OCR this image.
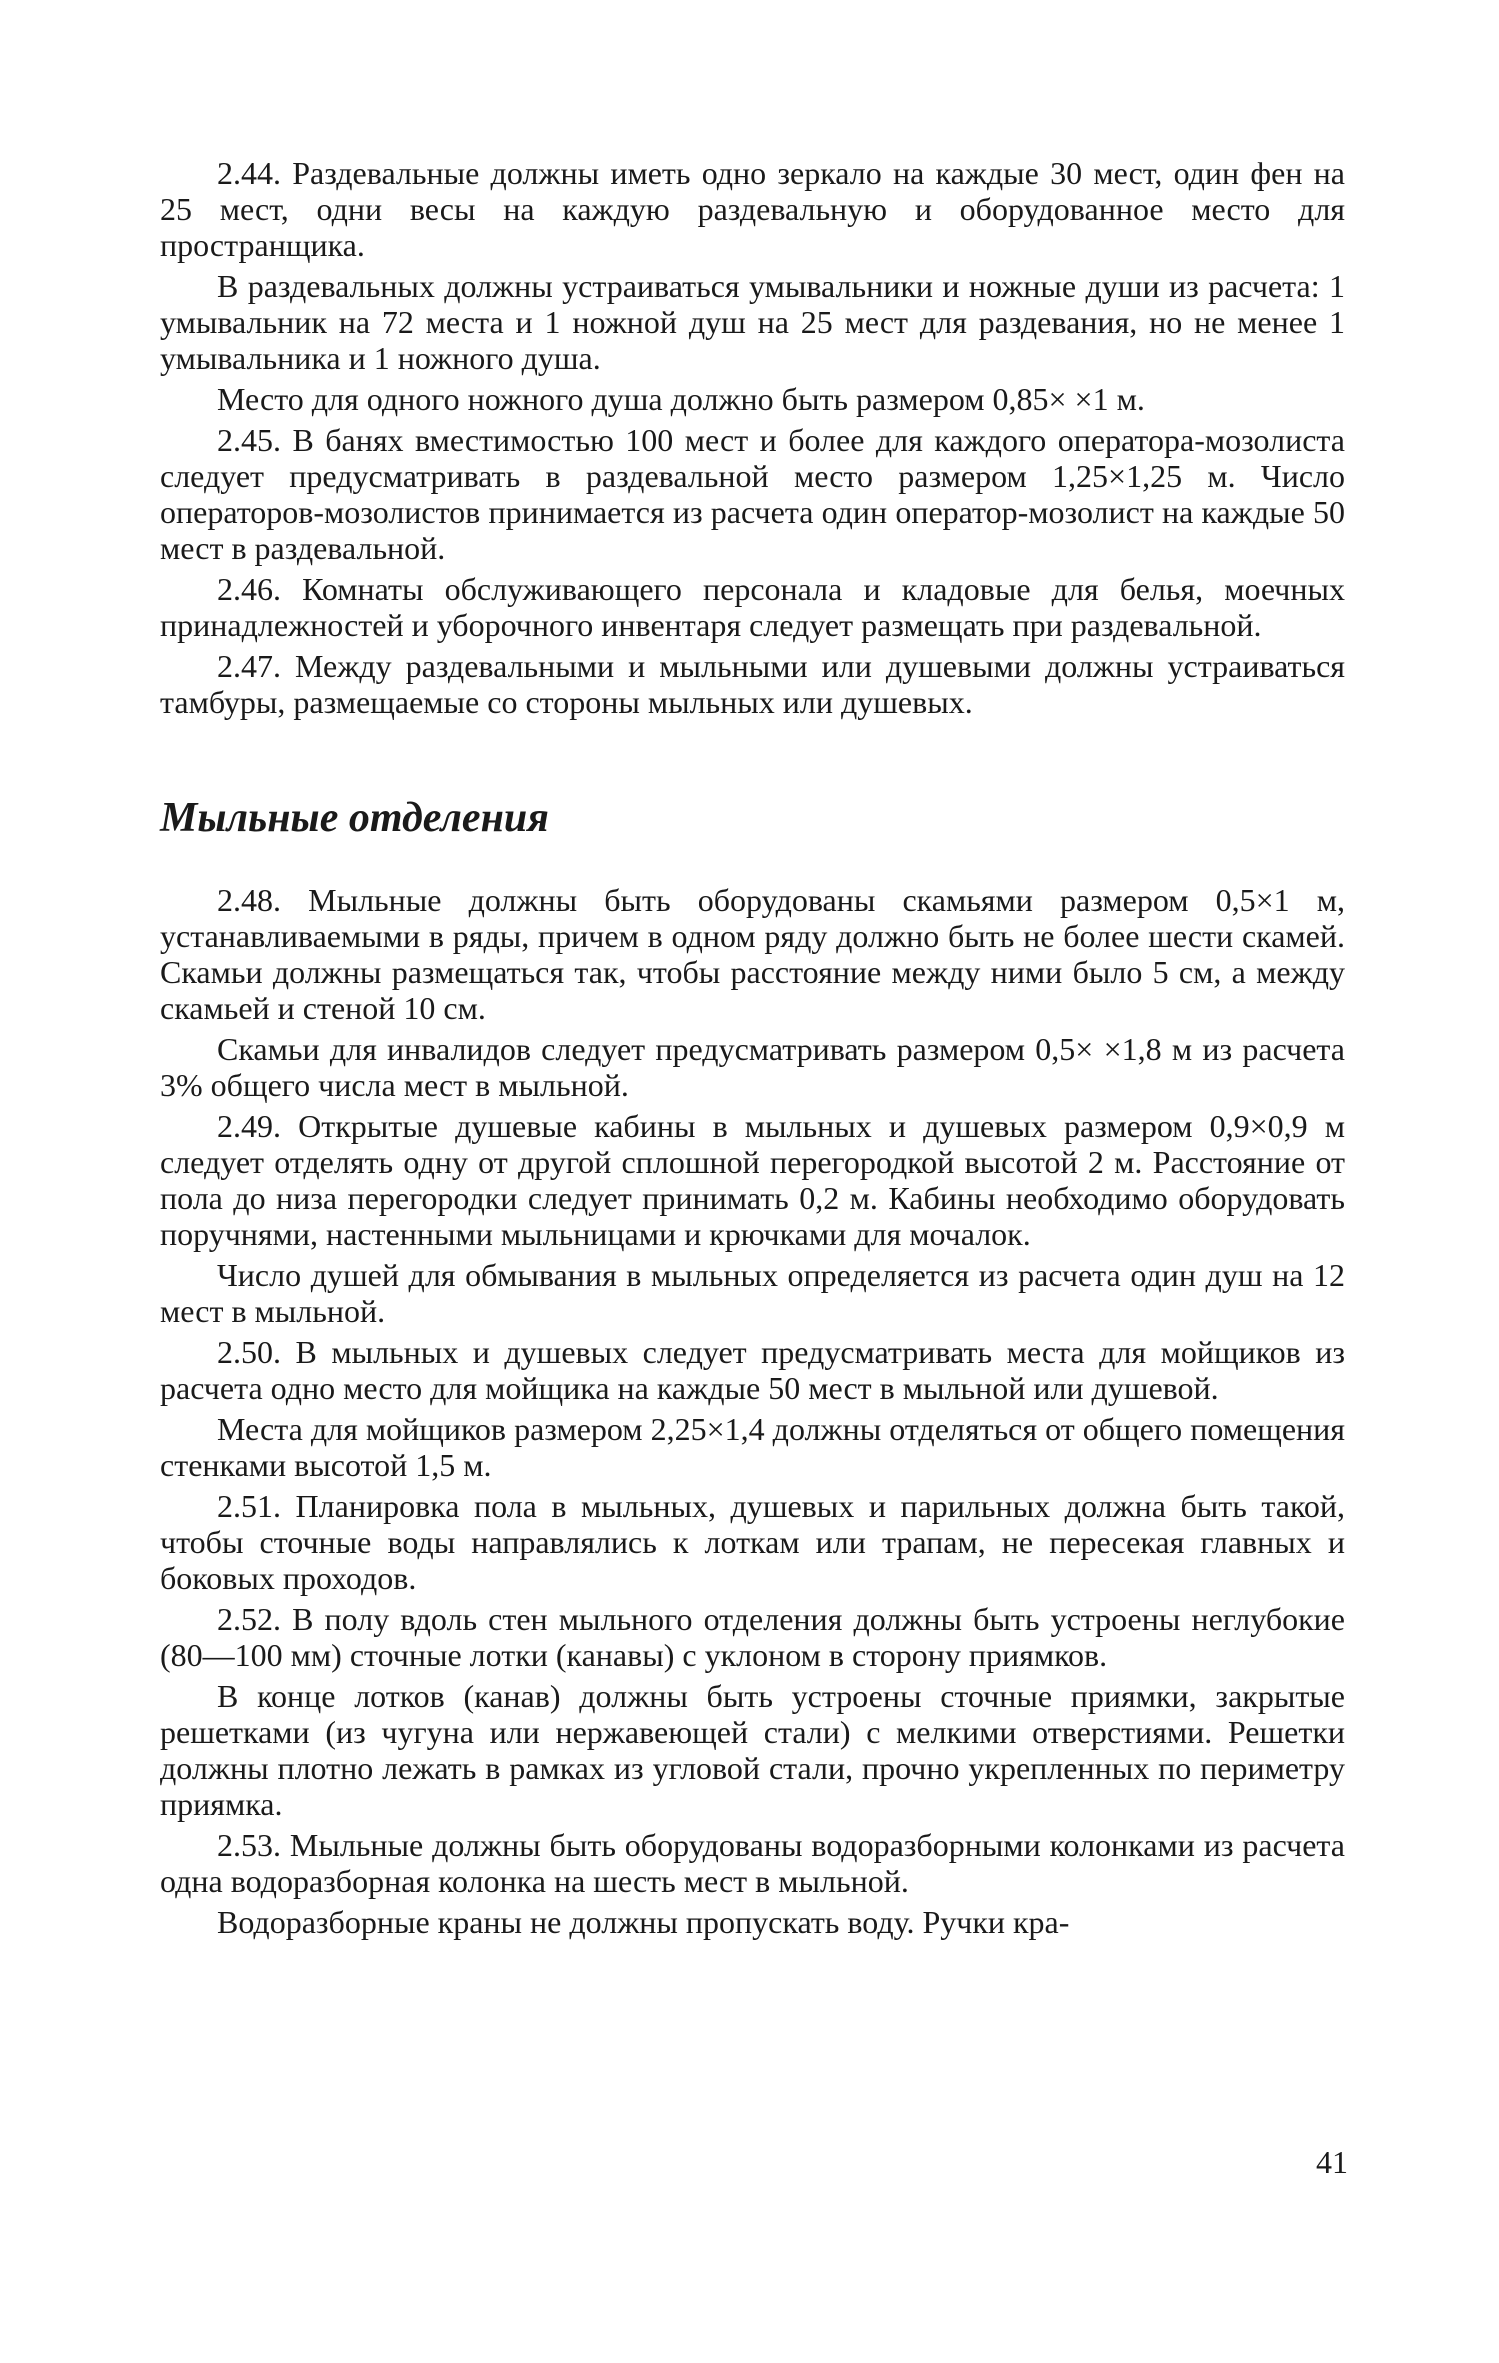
2.44. Раздевальные должны иметь одно зеркало на каждые 30 мест, один фен на 25 мест, одни весы на каждую раздевальную и оборудованное место для пространщика.

В раздевальных должны устраиваться умывальники и ножные души из расчета: 1 умывальник на 72 места и 1 ножной душ на 25 мест для раздевания, но не менее 1 умывальника и 1 ножного душа.

Место для одного ножного душа должно быть размером 0,85× ×1 м.

2.45. В банях вместимостью 100 мест и более для каждого оператора-мозолиста следует предусматривать в раздевальной место размером 1,25×1,25 м. Число операторов-мозолистов принимается из расчета один оператор-мозолист на каждые 50 мест в раздевальной.

2.46. Комнаты обслуживающего персонала и кладовые для белья, моечных принадлежностей и уборочного инвентаря следует размещать при раздевальной.

2.47. Между раздевальными и мыльными или душевыми должны устраиваться тамбуры, размещаемые со стороны мыльных или душевых.

Мыльные отделения

2.48. Мыльные должны быть оборудованы скамьями размером 0,5×1 м, устанавливаемыми в ряды, причем в одном ряду должно быть не более шести скамей. Скамьи должны размещаться так, чтобы расстояние между ними было 5 см, а между скамьей и стеной 10 см.

Скамьи для инвалидов следует предусматривать размером 0,5× ×1,8 м из расчета 3% общего числа мест в мыльной.

2.49. Открытые душевые кабины в мыльных и душевых размером 0,9×0,9 м следует отделять одну от другой сплошной перегородкой высотой 2 м. Расстояние от пола до низа перегородки следует принимать 0,2 м. Кабины необходимо оборудовать поручнями, настенными мыльницами и крючками для мочалок.

Число душей для обмывания в мыльных определяется из расчета один душ на 12 мест в мыльной.

2.50. В мыльных и душевых следует предусматривать места для мойщиков из расчета одно место для мойщика на каждые 50 мест в мыльной или душевой.

Места для мойщиков размером 2,25×1,4 должны отделяться от общего помещения стенками высотой 1,5 м.

2.51. Планировка пола в мыльных, душевых и парильных должна быть такой, чтобы сточные воды направлялись к лоткам или трапам, не пересекая главных и боковых проходов.

2.52. В полу вдоль стен мыльного отделения должны быть устроены неглубокие (80—100 мм) сточные лотки (канавы) с уклоном в сторону приямков.

В конце лотков (канав) должны быть устроены сточные приямки, закрытые решетками (из чугуна или нержавеющей стали) с мелкими отверстиями. Решетки должны плотно лежать в рамках из угловой стали, прочно укрепленных по периметру приямка.

2.53. Мыльные должны быть оборудованы водоразборными колонками из расчета одна водоразборная колонка на шесть мест в мыльной.

Водоразборные краны не должны пропускать воду. Ручки кра-

41
